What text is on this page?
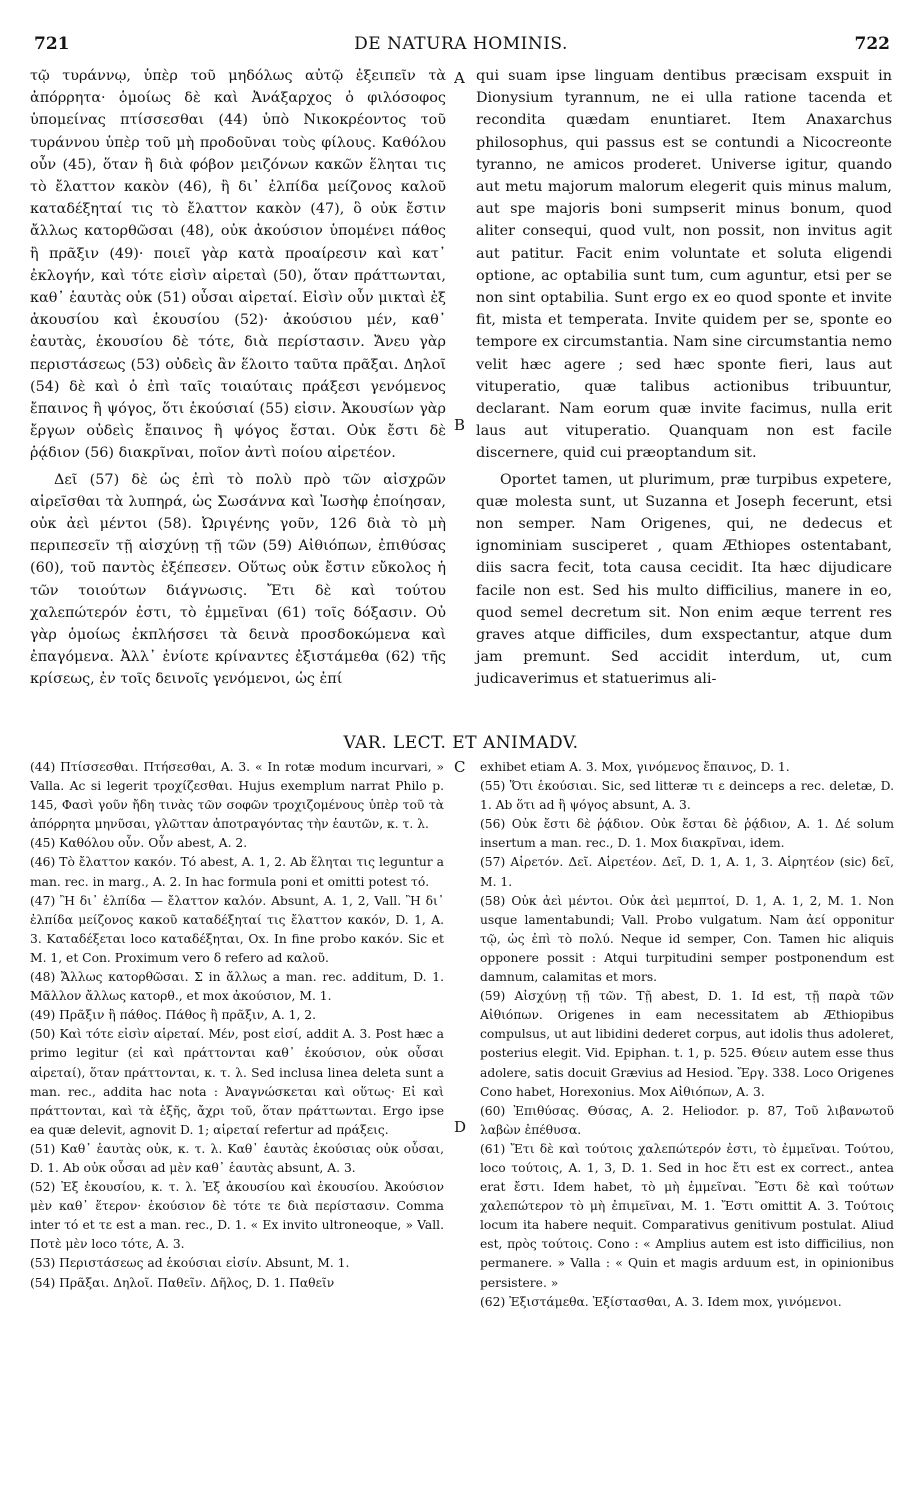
721	DE NATURA HOMINIS.	722

τῷ τυράννῳ, ὑπὲρ τοῦ μηδόλως αὐτῷ ἐξειπεῖν τὰ ἀπόρρητα· ὁμοίως δὲ καὶ Ἀνάξαρχος ὁ φιλόσοφος ὑπομείνας πτίσσεσθαι (44) ὑπὸ Νικοκρέοντος τοῦ τυράννου ὑπὲρ τοῦ μὴ προδοῦναι τοὺς φίλους. Καθόλου οὖν (45), ὅταν ἢ διὰ φόβον μειζόνων κακῶν ἕληται τις τὸ ἔλαττον κακὸν (46), ἢ δι᾽ ἐλπίδα μείζονος καλοῦ καταδέξηταί τις τὸ ἔλαττον κακὸν (47), ὃ οὐκ ἔστιν ἄλλως κατορθῶσαι (48), οὐκ ἀκούσιον ὑπομένει πάθος ἢ πρᾶξιν (49)· ποιεῖ γὰρ κατὰ προαίρεσιν καὶ κατ᾽ ἐκλογήν, καὶ τότε εἰσὶν αἱρεταὶ (50), ὅταν πράττωνται, καθ᾽ ἑαυτὰς οὐκ (51) οὖσαι αἱρεταί. Εἰσὶν οὖν μικταὶ ἐξ ἀκουσίου καὶ ἑκουσίου (52)· ἀκούσιου μέν, καθ᾽ ἑαυτὰς, ἑκουσίου δὲ τότε, διὰ περίστασιν. Ἄνευ γὰρ περιστάσεως (53) οὐδεὶς ἂν ἕλοιτο ταῦτα πρᾶξαι. Δηλοῖ (54) δὲ καὶ ὁ ἐπὶ ταῖς τοιαύταις πράξεσι γενόμενος ἔπαινος ἢ ψόγος, ὅτι ἑκούσιαί (55) εἰσιν. Ἀκουσίων γὰρ ἔργων οὐδεὶς ἔπαινος ἢ ψόγος ἔσται. Οὐκ ἔστι δὲ ῥᾴδιον (56) διακρῖναι, ποῖον ἀντὶ ποίου αἱρετέον.

Δεῖ (57) δὲ ὡς ἐπὶ τὸ πολὺ πρὸ τῶν αἰσχρῶν αἱρεῖσθαι τὰ λυπηρά, ὡς Σωσάννα καὶ Ἰωσὴφ ἐποίησαν, οὐκ ἀεὶ μέντοι (58). Ὠριγένης γοῦν, 126 διὰ τὸ μὴ περιπεσεῖν τῇ αἰσχύνῃ τῇ τῶν (59) Αἰθιόπων, ἐπιθύσας (60), τοῦ παντὸς ἐξέπεσεν. Οὕτως οὐκ ἔστιν εὔκολος ἡ τῶν τοιούτων διάγνωσις. Ἔτι δὲ καὶ τούτου χαλεπώτερόν ἐστι, τὸ ἐμμεῖναι (61) τοῖς δόξασιν. Οὐ γὰρ ὁμοίως ἐκπλήσσει τὰ δεινὰ προσδοκώμενα καὶ ἐπαγόμενα. Ἀλλ᾽ ἐνίοτε κρίναντες ἐξιστάμεθα (62) τῆς κρίσεως, ἐν τοῖς δεινοῖς γενόμενοι, ὡς ἐπί

A
B
C
D

qui suam ipse linguam dentibus præcisam exspuit in Dionysium tyrannum, ne ei ulla ratione tacenda et recondita quædam enuntiaret. Item Anaxarchus philosophus, qui passus est se contundi a Nicocreonte tyranno, ne amicos proderet. Universe igitur, quando aut metu majorum malorum elegerit quis minus malum, aut spe majoris boni sumpserit minus bonum, quod aliter consequi, quod vult, non possit, non invitus agit aut patitur. Facit enim voluntate et soluta eligendi optione, ac optabilia sunt tum, cum aguntur, etsi per se non sint optabilia. Sunt ergo ex eo quod sponte et invite fit, mista et temperata. Invite quidem per se, sponte eo tempore ex circumstantia. Nam sine circumstantia nemo velit hæc agere ; sed hæc sponte fieri, laus aut vituperatio, quæ talibus actionibus tribuuntur, declarant. Nam eorum quæ invite facimus, nulla erit laus aut vituperatio. Quanquam non est facile discernere, quid cui præoptandum sit.

Oportet tamen, ut plurimum, præ turpibus expetere, quæ molesta sunt, ut Suzanna et Joseph fecerunt, etsi non semper. Nam Origenes, qui, ne dedecus et ignominiam susciperet , quam Æthiopes ostentabant, diis sacra fecit, tota causa cecidit. Ita hæc dijudicare facile non est. Sed his multo difficilius, manere in eo, quod semel decretum sit. Non enim æque terrent res graves atque difficiles, dum exspectantur, atque dum jam premunt. Sed accidit interdum, ut, cum judicaverimus et statuerimus ali-

VAR. LECT. ET ANIMADV.

(44) Πτίσσεσθαι. Πτήσεσθαι, A. 3. « In rotæ modum incurvari, » Valla. Ac si legerit τροχίζεσθαι. Hujus exemplum narrat Philo p. 145, Φασὶ γοῦν ἤδη τινὰς τῶν σοφῶν τροχιζομένους ὑπὲρ τοῦ τὰ ἀπόρρητα μηνῦσαι, γλῶτταν ἀποτραγόντας τὴν ἑαυτῶν, κ. τ. λ.

(45) Καθόλου οὖν. Οὖν abest, A. 2.

(46) Τὸ ἔλαττον κακόν. Τό abest, A. 1, 2. Ab ἕληται τις leguntur a man. rec. in marg., A. 2. In hac formula poni et omitti potest τό.

(47) Ἢ δι᾽ ἐλπίδα — ἔλαττον καλόν. Absunt, A. 1, 2, Vall. Ἢ δι᾽ ἐλπίδα μείζονος κακοῦ καταδέξηταί τις ἔλαττον κακόν, D. 1, A. 3. Καταδέξεται loco καταδέξηται, Ox. In fine probo κακόν. Sic et M. 1, et Con. Proximum vero δ refero ad καλοῦ.

(48) Ἄλλως κατορθῶσαι. Σ in ἄλλως a man. rec. additum, D. 1. Μᾶλλον ἄλλως κατορθ., et mox ἀκούσιον, M. 1.

(49) Πρᾶξιν ἢ πάθος. Πάθος ἢ πρᾶξιν, A. 1, 2.

(50) Καὶ τότε εἰσὶν αἱρεταί. Μέν, post εἰσί, addit A. 3. Post hæc a primo legitur (εἰ καὶ πράττονται καθ᾽ ἑκούσιον, οὐκ οὖσαι αἱρεταί), ὅταν πράττονται, κ. τ. λ. Sed inclusa linea deleta sunt a man. rec., addita hac nota : Ἀναγνώσκεται καὶ οὕτως· Εἰ καὶ πράττονται, καὶ τὰ ἑξῆς, ἄχρι τοῦ, ὅταν πράττωνται. Ergo ipse ea quæ delevit, agnovit D. 1; αἱρεταί refertur ad πράξεις.

(51) Καθ᾽ ἑαυτὰς οὐκ, κ. τ. λ. Καθ᾽ ἑαυτὰς ἑκούσιας οὐκ οὖσαι, D. 1. Ab οὐκ οὖσαι ad μὲν καθ᾽ ἑαυτὰς absunt, A. 3.

(52) Ἐξ ἑκουσίου, κ. τ. λ. Ἐξ ἀκουσίου καὶ ἑκουσίου. Ἀκούσιον μὲν καθ᾽ ἕτερον· ἑκούσιον δὲ τότε τε διὰ περίστασιν. Comma inter τό et τε est a man. rec., D. 1. « Ex invito ultroneoque, » Vall. Ποτὲ μὲν loco τότε, A. 3.

(53) Περιστάσεως ad ἑκούσιαι εἰσίν. Absunt, M. 1.

(54) Πρᾶξαι. Δηλοῖ. Παθεῖν. Δῆλος, D. 1. Παθεῖν

exhibet etiam A. 3. Mox, γινόμενος ἔπαινος, D. 1.

(55) Ὅτι ἑκούσιαι. Sic, sed litteræ τι ε deinceps a rec. deletæ, D. 1. Ab ὅτι ad ἢ ψόγος absunt, A. 3.

(56) Οὐκ ἔστι δὲ ῥᾴδιον. Οὐκ ἔσται δὲ ῥᾴδιον, A. 1. Δέ solum insertum a man. rec., D. 1. Mox διακρῖναι, idem.

(57) Αἱρετόν. Δεῖ. Αἱρετέον. Δεῖ, D. 1, A. 1, 3. Αἱρητέον (sic) δεῖ, M. 1.

(58) Οὐκ ἀεὶ μέντοι. Οὐκ ἀεὶ μεμπτοί, D. 1, A. 1, 2, M. 1. Non usque lamentabundi; Vall. Probo vulgatum. Nam ἀεί opponitur τῷ, ὡς ἐπὶ τὸ πολύ. Neque id semper, Con. Tamen hic aliquis opponere possit : Atqui turpitudini semper postponendum est damnum, calamitas et mors.

(59) Αἰσχύνῃ τῇ τῶν. Τῇ abest, D. 1. Id est, τῇ παρὰ τῶν Αἰθιόπων. Origenes in eam necessitatem ab Æthiopibus compulsus, ut aut libidini dederet corpus, aut idolis thus adoleret, posterius elegit. Vid. Epiphan. t. 1, p. 525. Θύειν autem esse thus adolere, satis docuit Grævius ad Hesiod. Ἔργ. 338. Loco Origenes Cono habet, Horexonius. Mox Αἰθιόπων, A. 3.

(60) Ἐπιθύσας. Θύσας, A. 2. Heliodor. p. 87, Τοῦ λιβανωτοῦ λαβὼν ἐπέθυσα.

(61) Ἔτι δὲ καὶ τούτοις χαλεπώτερόν ἐστι, τὸ ἐμμεῖναι. Τούτου, loco τούτοις, A. 1, 3, D. 1. Sed in hoc ἔτι est ex correct., antea erat ἔστι. Idem habet, τὸ μὴ ἐμμεῖναι. Ἔστι δὲ καὶ τούτων χαλεπώτερον τὸ μὴ ἐπιμεῖναι, M. 1. Ἔστι omittit A. 3. Τούτοις locum ita habere nequit. Comparativus genitivum postulat. Aliud est, πρὸς τούτοις. Cono : « Amplius autem est isto difficilius, non permanere. » Valla : « Quin et magis arduum est, in opinionibus persistere. »

(62) Ἐξιστάμεθα. Ἐξίστασθαι, A. 3. Idem mox, γινόμενοι.
